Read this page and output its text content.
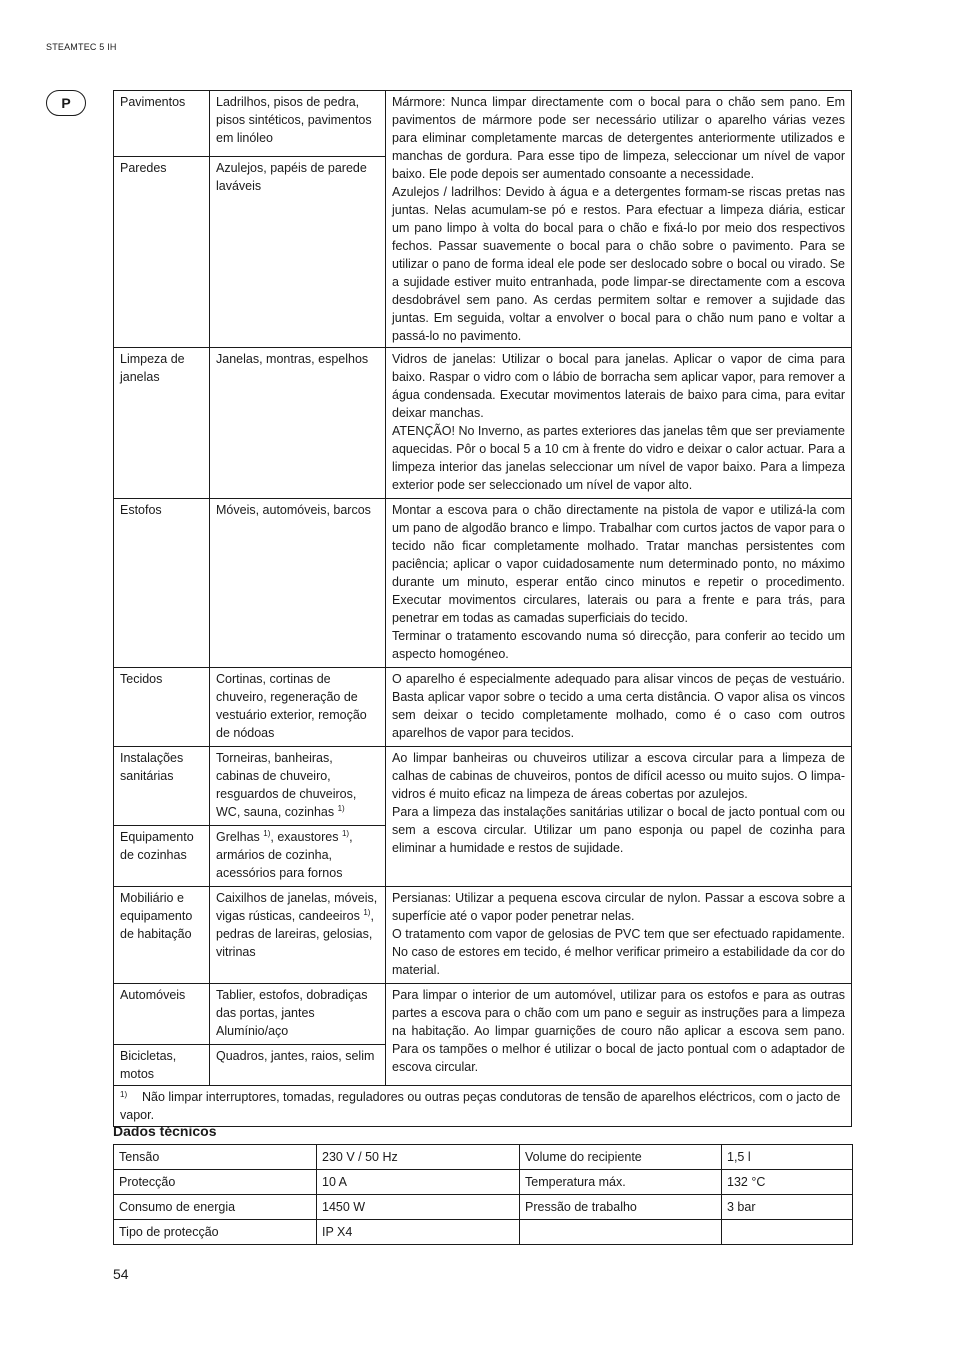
STEAMTEC 5 IH
P	Pavimentos	Ladrilhos, pisos de pedra, pisos sintéticos, pavimentos em linóleo	Mármore: Nunca limpar directamente com o bocal para o chão sem pano. Em pavimentos de mármore pode ser necessário utilizar o aparelho várias vezes para eliminar completamente marcas de detergentes anteriormente utilizados e manchas de gordura. Para esse tipo de limpeza, seleccionar um nível de vapor baixo. Ele pode depois ser aumentado consoante a necessidade.
Azulejos / ladrilhos: Devido à água e a detergentes formam-se riscas pretas nas juntas. Nelas acumulam-se pó e restos. Para efectuar a limpeza diária, esticar um pano limpo à volta do bocal para o chão e fixá-lo por meio dos respectivos fechos. Passar suavemente o bocal para o chão sobre o pavimento. Para se utilizar o pano de forma ideal ele pode ser deslocado sobre o bocal ou virado. Se a sujidade estiver muito entranhada, pode limpar-se directamente com a escova desdobrável sem pano. As cerdas permitem soltar e remover a sujidade das juntas. Em seguida, voltar a envolver o bocal para o chão num pano e voltar a passá-lo no pavimento.
Paredes	Azulejos, papéis de parede laváveis	
Limpeza de janelas	Janelas, montras, espelhos	Vidros de janelas: Utilizar o bocal para janelas. Aplicar o vapor de cima para baixo. Raspar o vidro com o lábio de borracha sem aplicar vapor, para remover a água condensada. Executar movimentos laterais de baixo para cima, para evitar deixar manchas.
ATENÇÃO! No Inverno, as partes exteriores das janelas têm que ser previamente aquecidas. Pôr o bocal 5 a 10 cm à frente do vidro e deixar o calor actuar. Para a limpeza interior das janelas seleccionar um nível de vapor baixo. Para a limpeza exterior pode ser seleccionado um nível de vapor alto.
Estofos	Móveis, automóveis, barcos	Montar a escova para o chão directamente na pistola de vapor e utilizá-la com um pano de algodão branco e limpo. Trabalhar com curtos jactos de vapor para o tecido não ficar completamente molhado. Tratar manchas persistentes com paciência; aplicar o vapor cuidadosamente num determinado ponto, no máximo durante um minuto, esperar então cinco minutos e repetir o procedimento. Executar movimentos circulares, laterais ou para a frente e para trás, para penetrar em todas as camadas superficiais do tecido.
Terminar o tratamento escovando numa só direcção, para conferir ao tecido um aspecto homogéneo.
Tecidos	Cortinas, cortinas de chuveiro, regeneração de vestuário exterior, remoção de nódoas	O aparelho é especialmente adequado para alisar vincos de peças de vestuário. Basta aplicar vapor sobre o tecido a uma certa distância. O vapor alisa os vincos sem deixar o tecido completamente molhado, como é o caso com outros aparelhos de vapor para tecidos.
Instalações sanitárias	Torneiras, banheiras, cabinas de chuveiro, resguardos de chuveiros, WC, sauna, cozinhas $^{1)}$	Ao limpar banheiras ou chuveiros utilizar a escova circular para a limpeza de calhas de cabinas de chuveiros, pontos de difícil acesso ou muito sujos. O limpa-vidros é muito eficaz na limpeza de áreas cobertas por azulejos.
Para a limpeza das instalações sanitárias utilizar o bocal de jacto pontual com ou sem a escova circular. Utilizar um pano esponja ou papel de cozinha para eliminar a humidade e restos de sujidade.
Equipamento de cozinhas	Grelhas $^{1)}$, exaustores $^{1)}$, armários de cozinha, acessórios para fornos	
Mobiliário e equipamento de habitação	Caixilhos de janelas, móveis, vigas rústicas, candeeiros $^{1)}$, pedras de lareiras, gelosias, vitrinas	Persianas: Utilizar a pequena escova circular de nylon. Passar a escova sobre a superfície até o vapor poder penetrar nelas.
O tratamento com vapor de gelosias de PVC tem que ser efectuado rapidamente. No caso de estores em tecido, é melhor verificar primeiro a estabilidade da cor do material.
Automóveis	Tablier, estofos, dobradiças das portas, jantes Alumínio/aço	Para limpar o interior de um automóvel, utilizar para os estofos e para as outras partes a escova para o chão com um pano e seguir as instruções para a limpeza na habitação. Ao limpar guarnições de couro não aplicar a escova sem pano. Para os tampões o melhor é utilizar o bocal de jacto pontual com o adaptador de escova circular.
Bicicletas, motos	Quadros, jantes, raios, selim	
1) Não limpar interruptores, tomadas, reguladores ou outras peças condutoras de tensão de aparelhos eléctricos, com o jacto de vapor.		
Dados técnicos
Tensão	230 V / 50 Hz	Volume do recipiente	1,5 l
Protecção	10 A	Temperatura máx.	132 °C
Consumo de energia	1450 W	Pressão de trabalho	3 bar
Tipo de protecção	IP X4		
54
